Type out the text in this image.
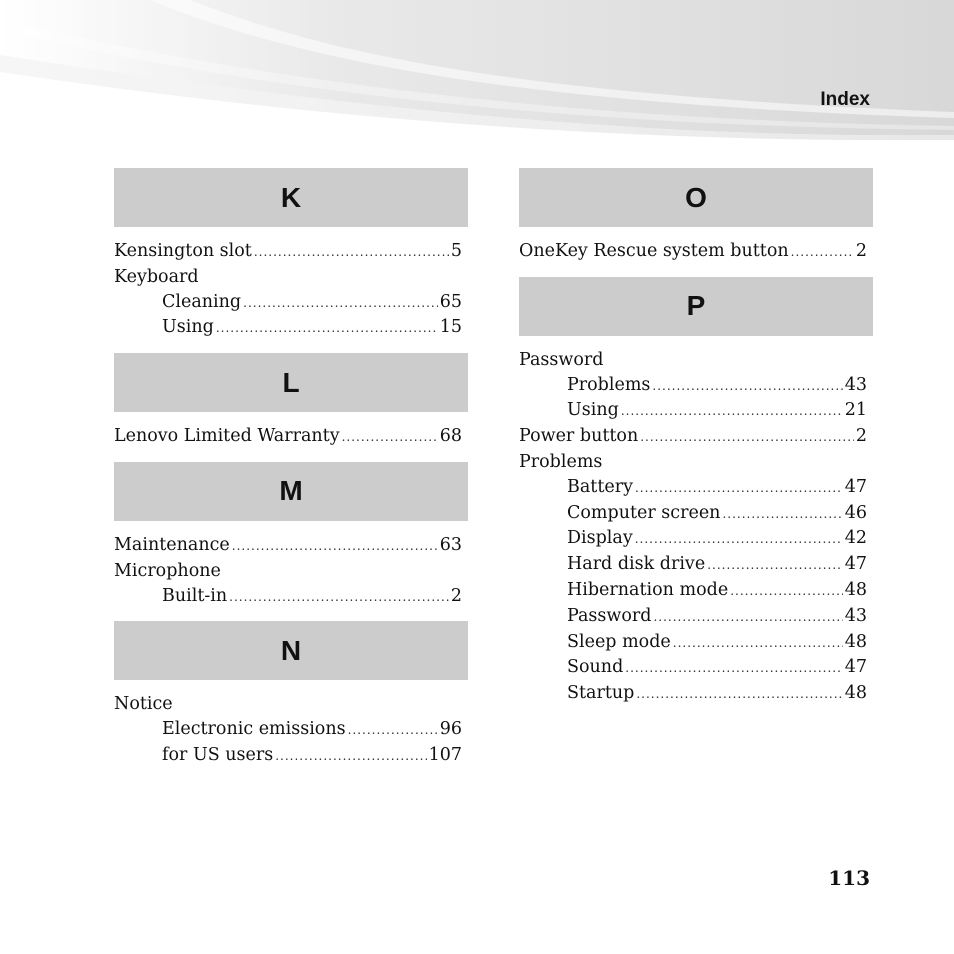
Index
K
Kensington slot .....	5
Keyboard
Cleaning .....	65
Using .....	15
L
Lenovo Limited Warranty .....	68
M
Maintenance .....	63
Microphone
Built-in .....	2
N
Notice
Electronic emissions .....	96
for US users .....	107
O
OneKey Rescue system button .....	2
P
Password
Problems .....	43
Using .....	21
Power button .....	2
Problems
Battery .....	47
Computer screen .....	46
Display .....	42
Hard disk drive .....	47
Hibernation mode .....	48
Password .....	43
Sleep mode .....	48
Sound .....	47
Startup .....	48
113
